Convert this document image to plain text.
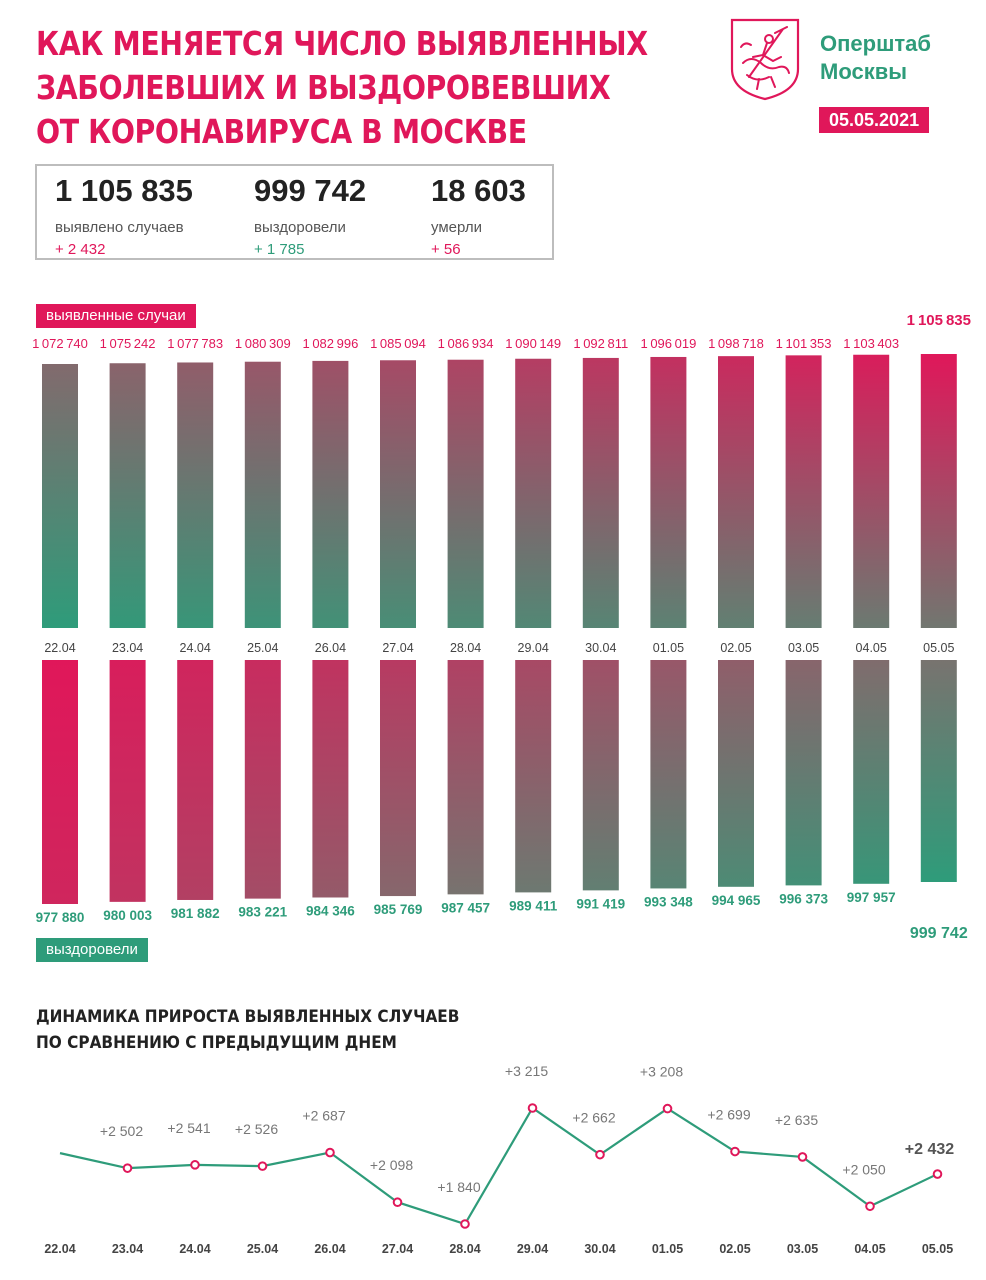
КАК МЕНЯЕТСЯ ЧИСЛО ВЫЯВЛЕННЫХ
ЗАБОЛЕВШИХ И ВЫЗДОРОВЕВШИХ
ОТ КОРОНАВИРУСА В МОСКВЕ
Оперштаб
Москвы
05.05.2021
1 105 835
выявлено случаев
+ 2 432
999 742
выздоровели
+ 1 785
18 603
умерли
+ 56
выявленные случаи
1 072 740
22.04
1 075 242
23.04
1 077 783
24.04
1 080 309
25.04
1 082 996
26.04
1 085 094
27.04
1 086 934
28.04
1 090 149
29.04
1 092 811
30.04
1 096 019
01.05
1 098 718
02.05
1 101 353
03.05
1 103 403
04.05
1 105 835
05.05
977 880 980 003 981 882 983 221 984 346 985 769 987 457 989 411 991 419 993 348 994 965 996 373 997 957
999 742
выздоровели
ДИНАМИКА ПРИРОСТА ВЫЯВЛЕННЫХ СЛУЧАЕВ
ПО СРАВНЕНИЮ С ПРЕДЫДУЩИМ ДНЕМ
22.04
+2 502
23.04
+2 541
24.04
+2 526
25.04
+2 687
26.04
+2 098
27.04
+1 840
28.04
+3 215
29.04
+2 662
30.04
+3 208
01.05
+2 699
02.05
+2 635
03.05
+2 050
04.05
+2 432
05.05
